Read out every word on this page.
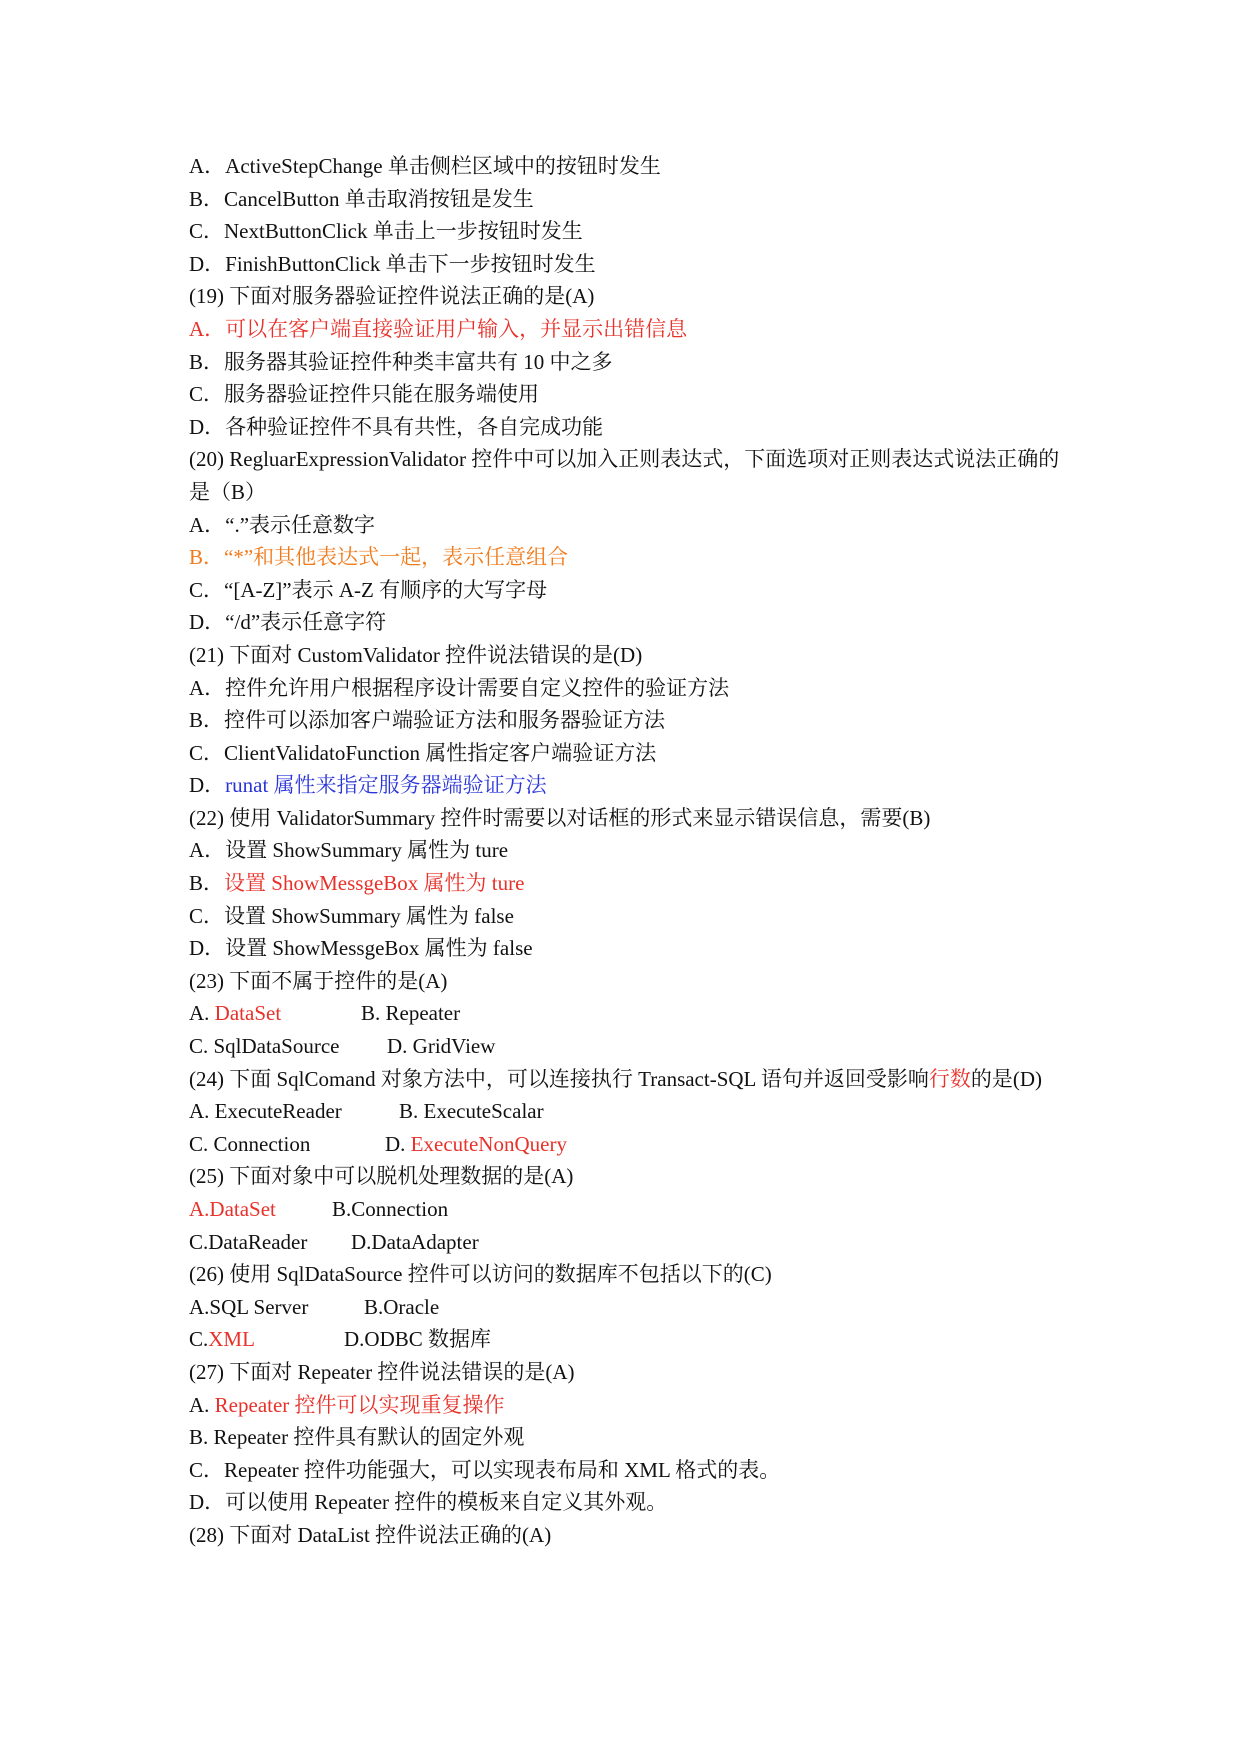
A．ActiveStepChange 单击侧栏区域中的按钮时发生
B．CancelButton 单击取消按钮是发生
C．NextButtonClick 单击上一步按钮时发生
D．FinishButtonClick 单击下一步按钮时发生
(19) 下面对服务器验证控件说法正确的是(A)
A．可以在客户端直接验证用户输入，并显示出错信息
B．服务器其验证控件种类丰富共有 10 中之多
C．服务器验证控件只能在服务端使用
D．各种验证控件不具有共性，各自完成功能
(20) RegluarExpressionValidator 控件中可以加入正则表达式，下面选项对正则表达式说法正确的是（B）
A．“.”表示任意数字
B．“*”和其他表达式一起，表示任意组合
C．“[A-Z]”表示 A-Z 有顺序的大写字母
D．“/d”表示任意字符
(21) 下面对 CustomValidator 控件说法错误的是(D)
A．控件允许用户根据程序设计需要自定义控件的验证方法
B．控件可以添加客户端验证方法和服务器验证方法
C．ClientValidatoFunction 属性指定客户端验证方法
D．runat 属性来指定服务器端验证方法
(22) 使用 ValidatorSummary 控件时需要以对话框的形式来显示错误信息，需要(B)
A．设置 ShowSummary 属性为 ture
B．设置 ShowMessgeBox 属性为 ture
C．设置 ShowSummary 属性为 false
D．设置 ShowMessgeBox 属性为 false
(23) 下面不属于控件的是(A)
A. DataSet	B. Repeater
C. SqlDataSource D. GridView
(24) 下面 SqlComand 对象方法中，可以连接执行 Transact-SQL 语句并返回受影响行数的是(D)
A. ExecuteReader	B. ExecuteScalar
C. Connection	D. ExecuteNonQuery
(25) 下面对象中可以脱机处理数据的是(A)
A.DataSet	B.Connection
C.DataReader D.DataAdapter
(26) 使用 SqlDataSource 控件可以访问的数据库不包括以下的(C)
A.SQL Server	B.Oracle
C.XML	D.ODBC 数据库
(27) 下面对 Repeater 控件说法错误的是(A)
A. Repeater 控件可以实现重复操作
B. Repeater 控件具有默认的固定外观
C．Repeater 控件功能强大，可以实现表布局和 XML 格式的表。
D．可以使用 Repeater 控件的模板来自定义其外观。
(28) 下面对 DataList 控件说法正确的(A)
